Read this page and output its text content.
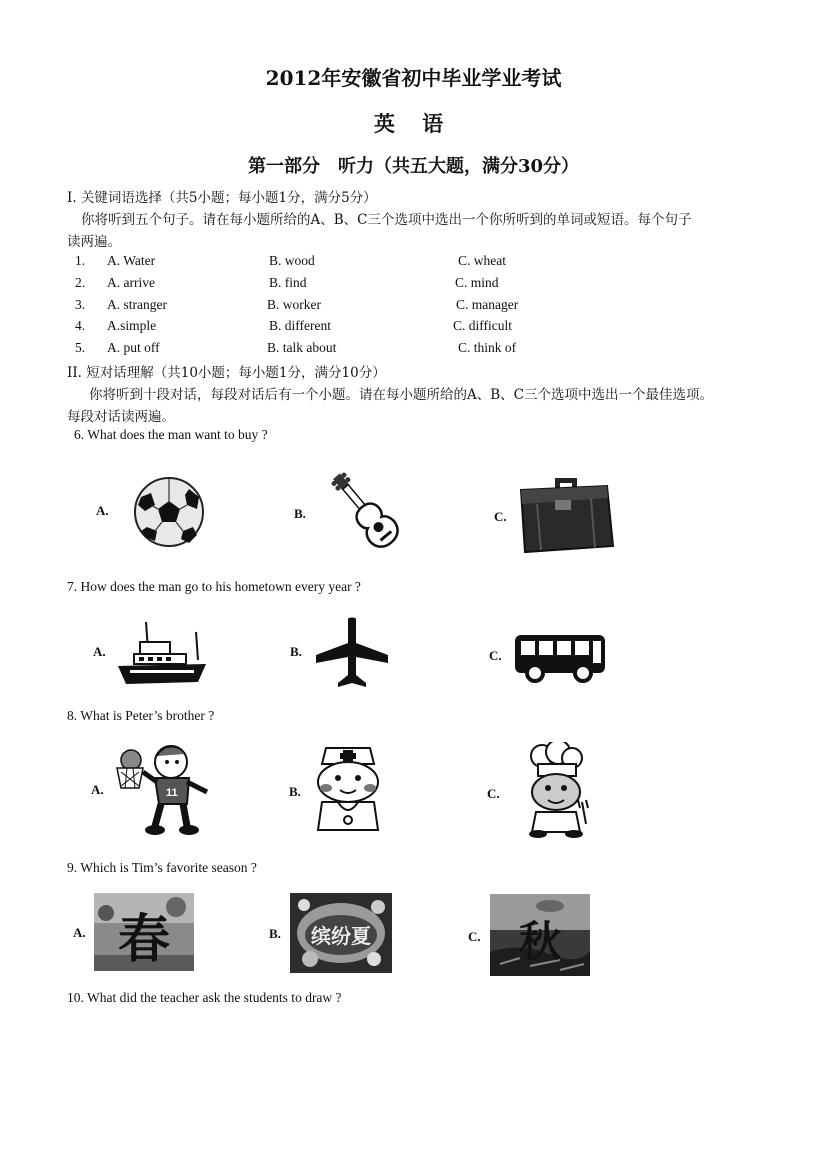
2012年安徽省初中毕业学业考试
英 语
第一部分　听力（共五大题，满分30分）
I. 关键词语选择（共5小题；每小题1分，满分5分）
你将听到五个句子。请在每小题所给的A、B、C三个选项中选出一个你所听到的单词或短语。每个句子
读两遍。
1. A. Water	B. wood	C. wheat
2. A. arrive	B. find	C. mind
3. A. stranger	B. worker	C. manager
4. A.simple	B. different	C. difficult
5. A. put off	B. talk about	C. think of
II. 短对话理解（共10小题；每小题1分，满分10分）
你将听到十段对话，每段对话后有一个小题。请在每小题所给的A、B、C三个选项中选出一个最佳选项。
每段对话读两遍。
6. What does the man want to buy ?
A.	B.	C.
7. How does the man go to his hometown every year ?
A.	B.	C.
8. What is Peter’s brother ?
A.	11	B.	C.
9. Which is Tim’s favorite season ?
A. 春	B. 缤纷夏	C. 秋
10. What did the teacher ask the students to draw ?
